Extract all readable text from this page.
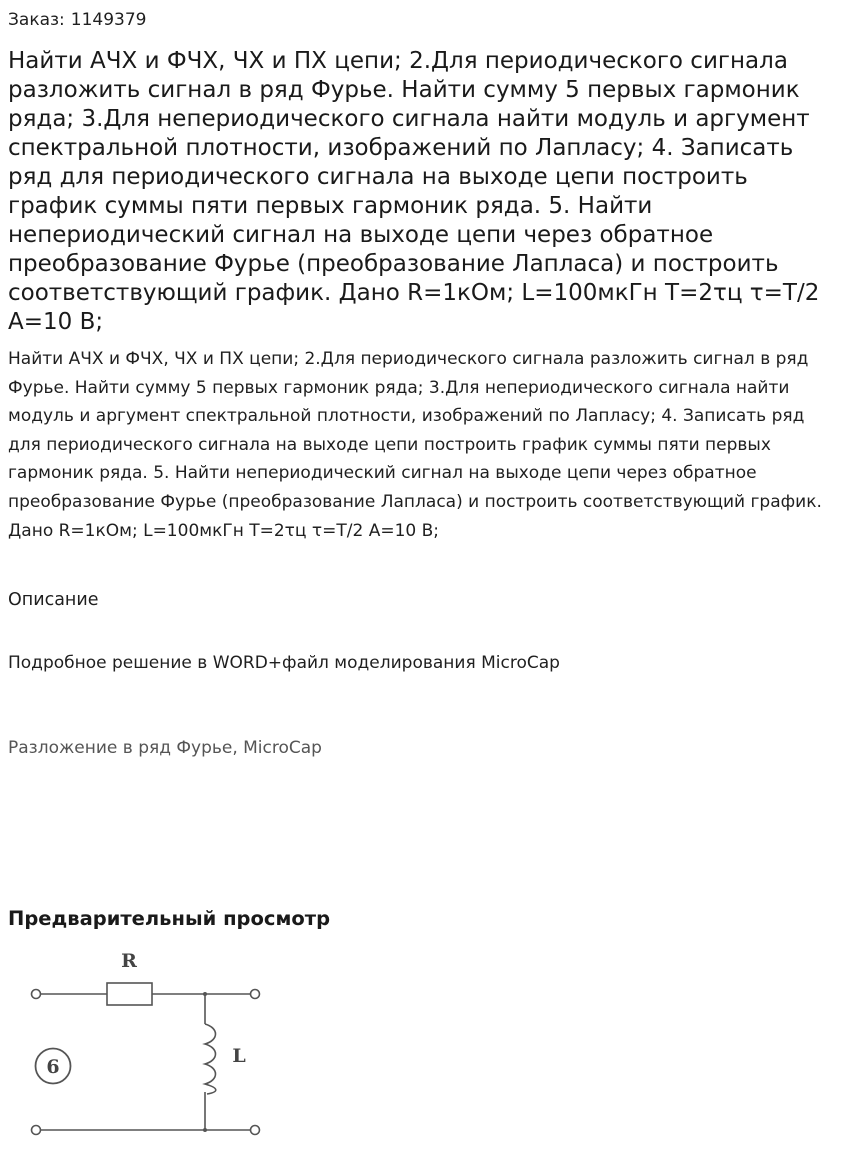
Заказ: 1149379
Найти АЧХ и ФЧХ, ЧХ и ПХ цепи; 2.Для периодического сигнала разложить сигнал в ряд Фурье. Найти сумму 5 первых гармоник ряда; 3.Для непериодического сигнала найти модуль и аргумент спектральной плотности, изображений по Лапласу; 4. Записать ряд для периодического сигнала на выходе цепи построить график суммы пяти первых гармоник ряда. 5. Найти непериодический сигнал на выходе цепи через обратное преобразование Фурье (преобразование Лапласа) и построить соответствующий график. Дано R=1кОм; L=100мкГн Т=2τц τ=T/2 A=10 В;

Найти АЧХ и ФЧХ, ЧХ и ПХ цепи; 2.Для периодического сигнала разложить сигнал в ряд Фурье. Найти сумму 5 первых гармоник ряда; 3.Для непериодического сигнала найти модуль и аргумент спектральной плотности, изображений по Лапласу; 4. Записать ряд для периодического сигнала на выходе цепи построить график суммы пяти первых гармоник ряда. 5. Найти непериодический сигнал на выходе цепи через обратное преобразование Фурье (преобразование Лапласа) и построить соответствующий график. Дано R=1кОм; L=100мкГн Т=2τц τ=T/2 A=10 В;

Описание
Подробное решение в WORD+файл моделирования MicroCap
Разложение в ряд Фурье, MicroCap
Предварительный просмотр
R
L
6
